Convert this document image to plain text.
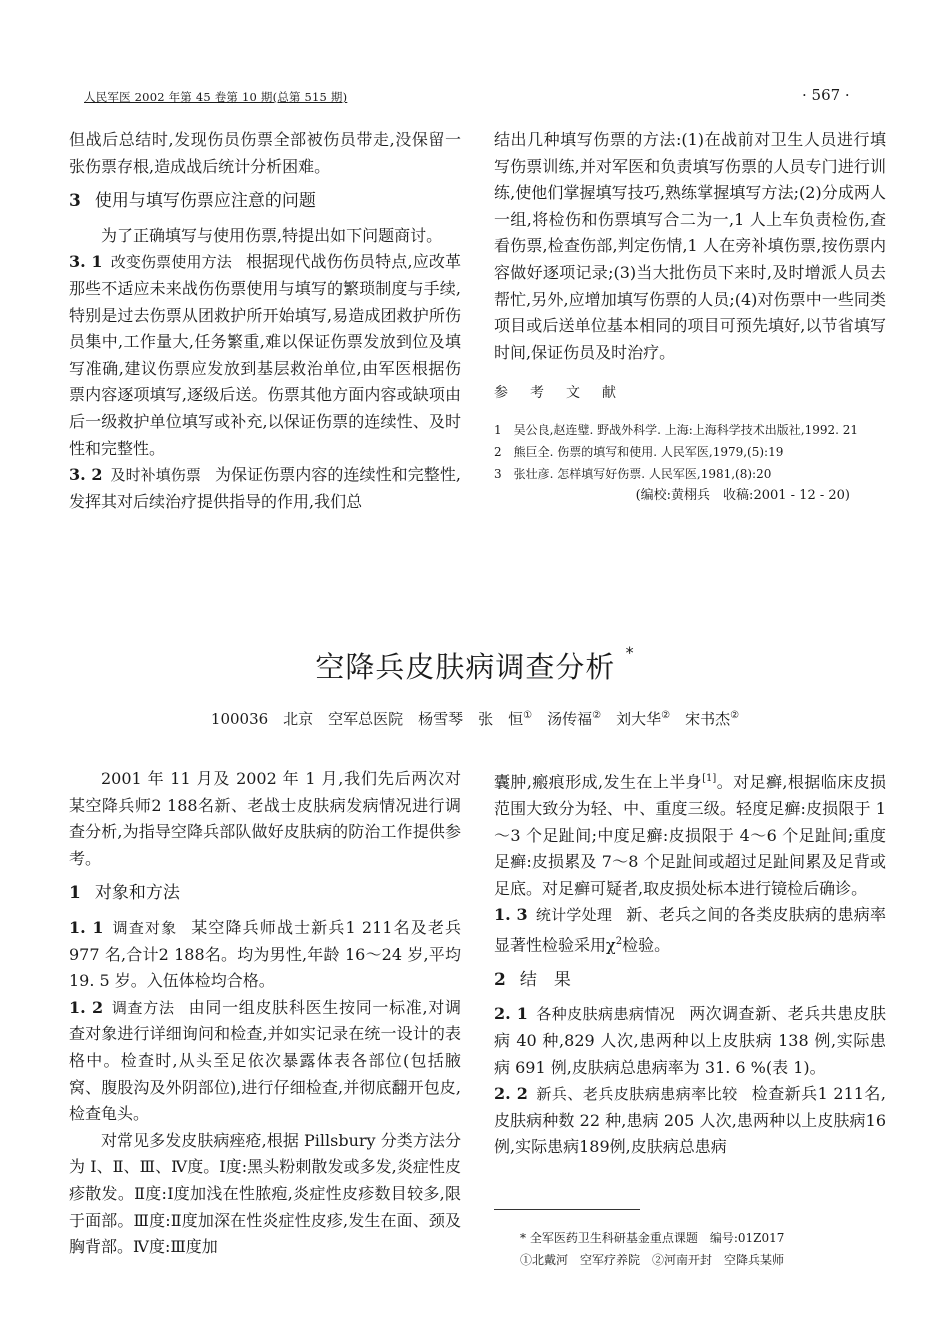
人民军医 2002 年第 45 卷第 10 期(总第 515 期)	· 567 ·

但战后总结时,发现伤员伤票全部被伤员带走,没保留一张伤票存根,造成战后统计分析困难。

3 使用与填写伤票应注意的问题

为了正确填写与使用伤票,特提出如下问题商讨。

3. 1 改变伤票使用方法 根据现代战伤伤员特点,应改革那些不适应未来战伤伤票使用与填写的繁琐制度与手续,特别是过去伤票从团救护所开始填写,易造成团救护所伤员集中,工作量大,任务繁重,难以保证伤票发放到位及填写准确,建议伤票应发放到基层救治单位,由军医根据伤票内容逐项填写,逐级后送。伤票其他方面内容或缺项由后一级救护单位填写或补充,以保证伤票的连续性、及时性和完整性。

3. 2 及时补填伤票 为保证伤票内容的连续性和完整性,发挥其对后续治疗提供指导的作用,我们总

结出几种填写伤票的方法:(1)在战前对卫生人员进行填写伤票训练,并对军医和负责填写伤票的人员专门进行训练,使他们掌握填写技巧,熟练掌握填写方法;(2)分成两人一组,将检伤和伤票填写合二为一,1 人上车负责检伤,查看伤票,检查伤部,判定伤情,1 人在旁补填伤票,按伤票内容做好逐项记录;(3)当大批伤员下来时,及时增派人员去帮忙,另外,应增加填写伤票的人员;(4)对伤票中一些同类项目或后送单位基本相同的项目可预先填好,以节省填写时间,保证伤员及时治疗。

参考文献

1　吴公良,赵连璧. 野战外科学. 上海:上海科学技术出版社,1992. 21

2　熊巨全. 伤票的填写和使用. 人民军医,1979,(5):19

3　张壮彦. 怎样填写好伤票. 人民军医,1981,(8):20

(编校:黄栩兵　收稿:2001 - 12 - 20)

空降兵皮肤病调查分析 *
100036　北京　空军总医院　杨雪琴　张　恒①　汤传福②　刘大华②　宋书杰②

2001 年 11 月及 2002 年 1 月,我们先后两次对某空降兵师2 188名新、老战士皮肤病发病情况进行调查分析,为指导空降兵部队做好皮肤病的防治工作提供参考。

1 对象和方法

1. 1 调查对象 某空降兵师战士新兵1 211名及老兵 977 名,合计2 188名。均为男性,年龄 16～24 岁,平均 19. 5 岁。入伍体检均合格。

1. 2 调查方法 由同一组皮肤科医生按同一标准,对调查对象进行详细询问和检查,并如实记录在统一设计的表格中。检查时,从头至足依次暴露体表各部位(包括腋窝、腹股沟及外阴部位),进行仔细检查,并彻底翻开包皮,检查龟头。

对常见多发皮肤病痤疮,根据 Pillsbury 分类方法分为 Ⅰ、Ⅱ、Ⅲ、Ⅳ度。Ⅰ度:黑头粉刺散发或多发,炎症性皮疹散发。Ⅱ度:Ⅰ度加浅在性脓疱,炎症性皮疹数目较多,限于面部。Ⅲ度:Ⅱ度加深在性炎症性皮疹,发生在面、颈及胸背部。Ⅳ度:Ⅲ度加

囊肿,瘢痕形成,发生在上半身[1]。对足癣,根据临床皮损范围大致分为轻、中、重度三级。轻度足癣:皮损限于 1～3 个足趾间;中度足癣:皮损限于 4～6 个足趾间;重度足癣:皮损累及 7～8 个足趾间或超过足趾间累及足背或足底。对足癣可疑者,取皮损处标本进行镜检后确诊。

1. 3 统计学处理 新、老兵之间的各类皮肤病的患病率显著性检验采用$\chi^2$检验。

2 结　果

2. 1 各种皮肤病患病情况 两次调查新、老兵共患皮肤病 40 种,829 人次,患两种以上皮肤病 138 例,实际患病 691 例,皮肤病总患病率为 31. 6 %(表 1)。

2. 2 新兵、老兵皮肤病患病率比较 检查新兵1 211名,皮肤病种数 22 种,患病 205 人次,患两种以上皮肤病16例,实际患病189例,皮肤病总患病

* 全军医药卫生科研基金重点课题　编号:01Z017
①北戴河　空军疗养院　②河南开封　空降兵某师
